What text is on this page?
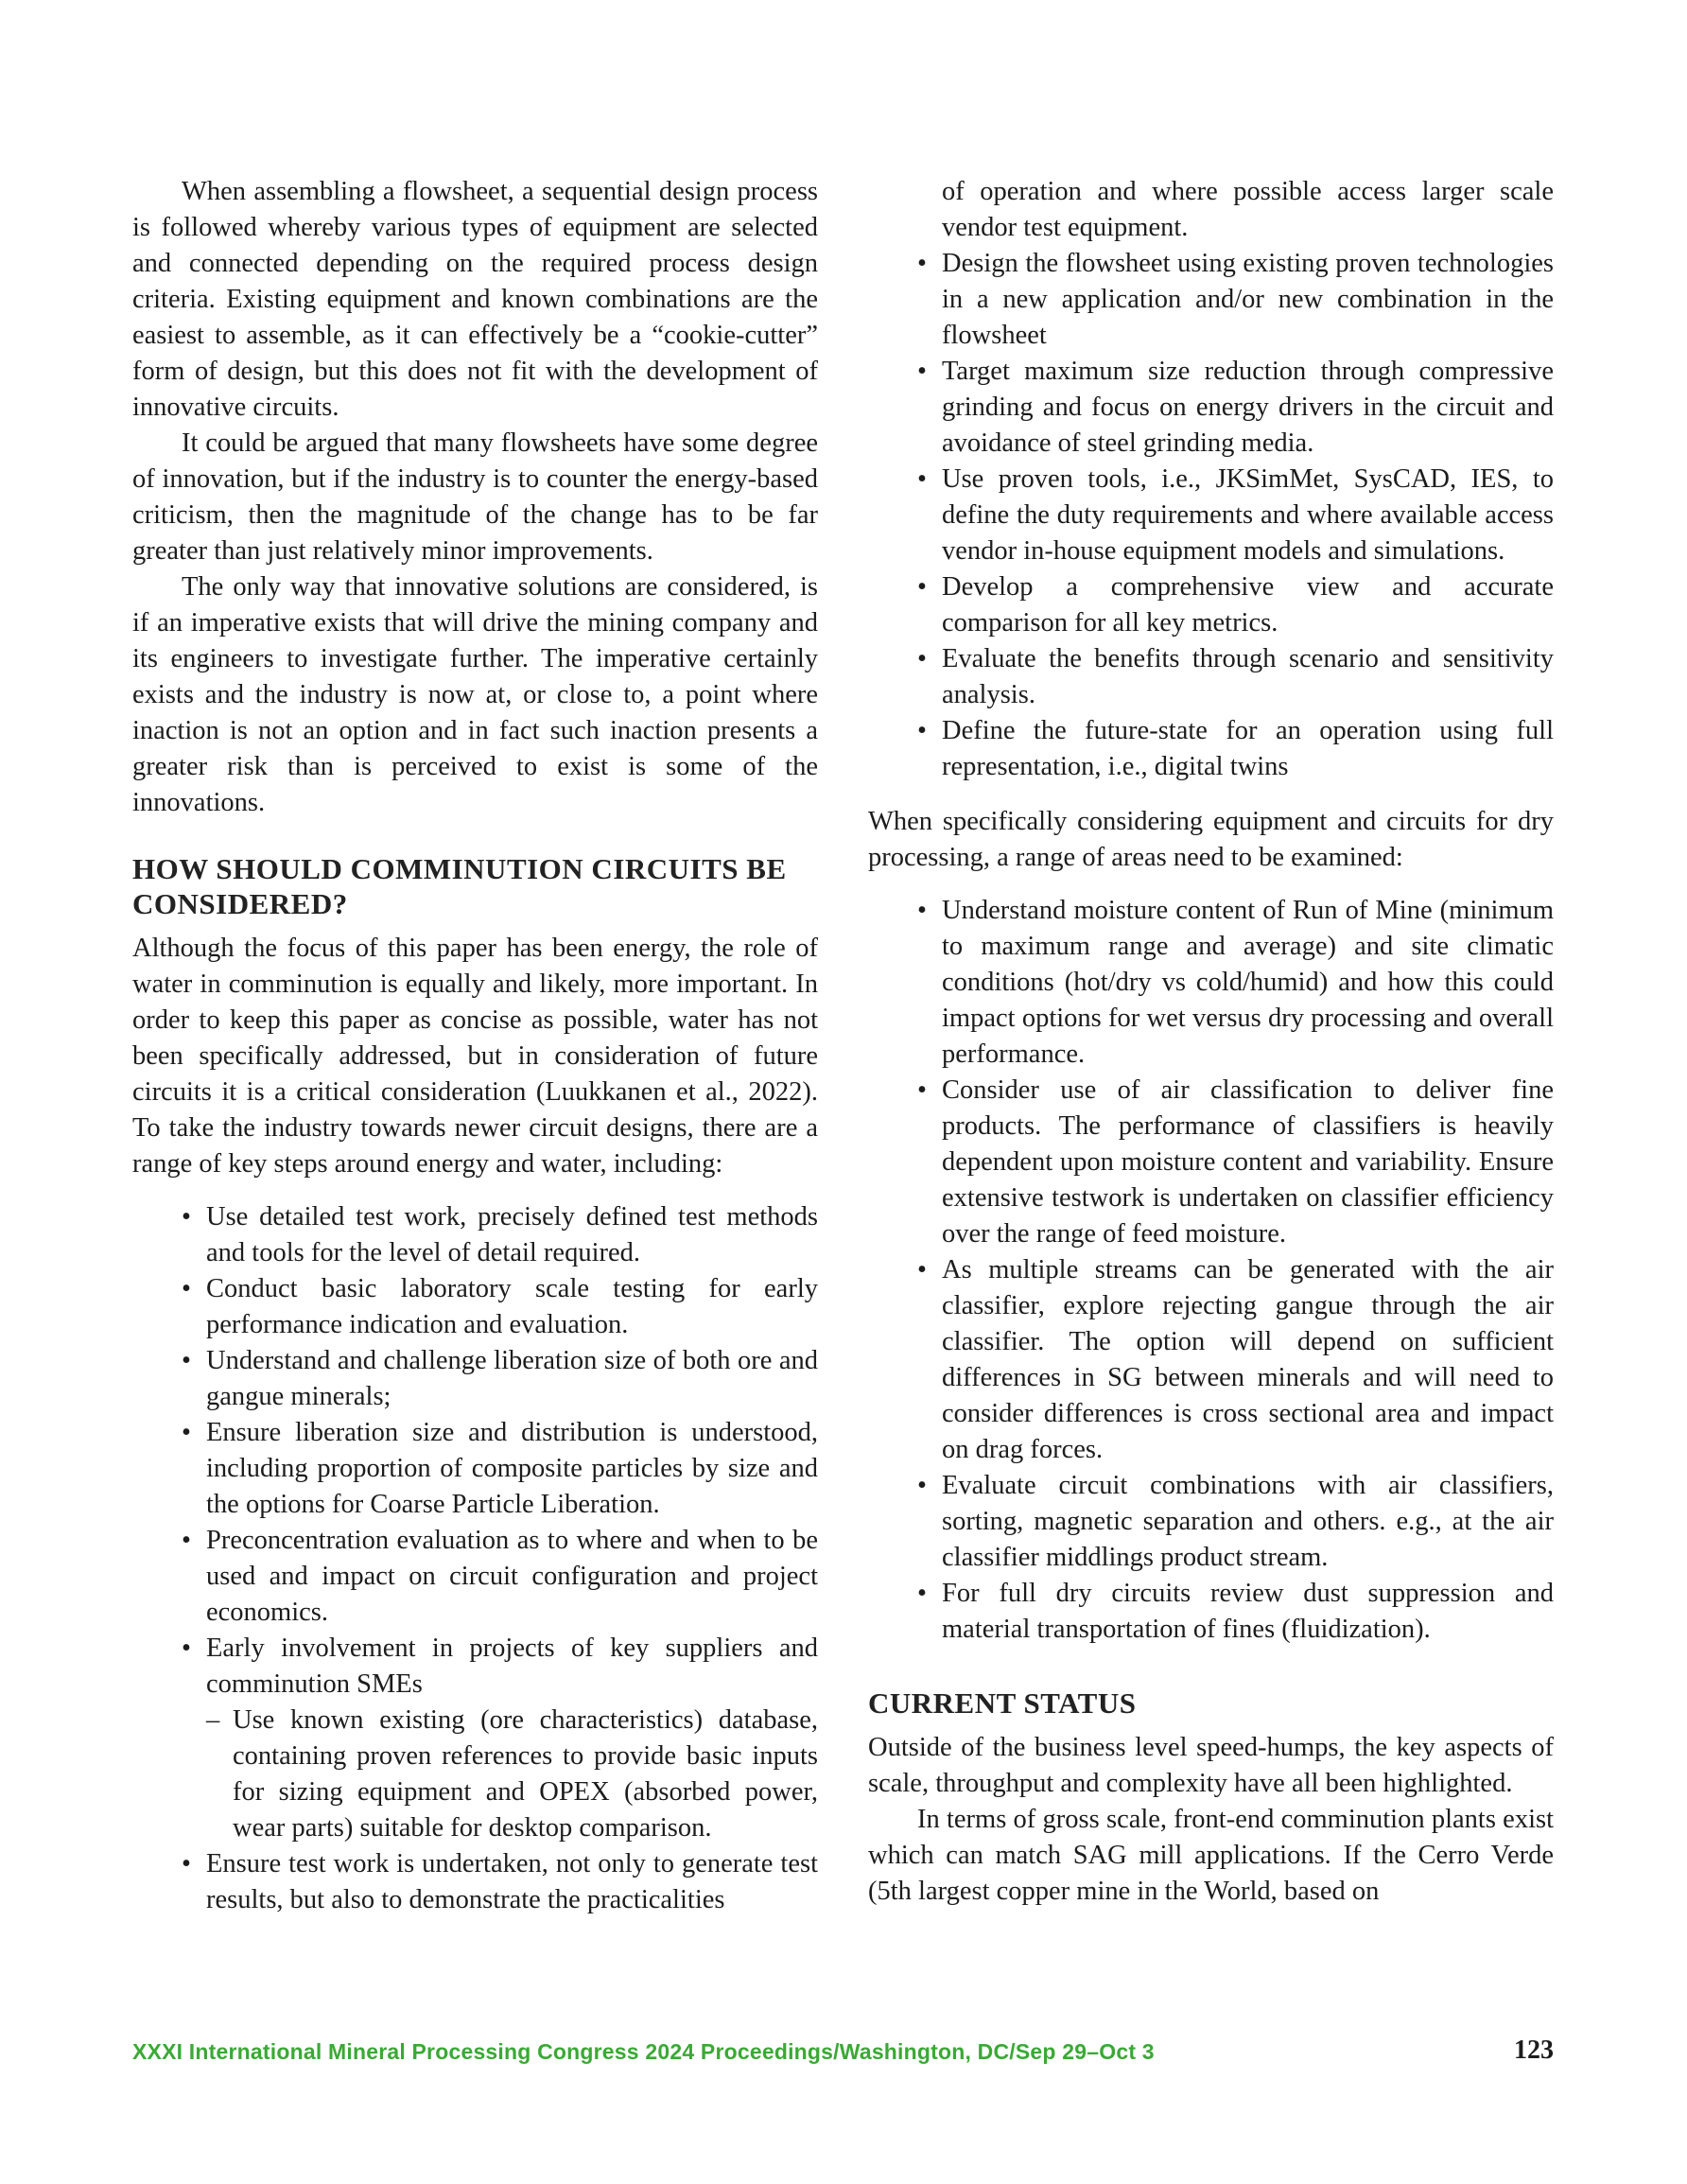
When assembling a flowsheet, a sequential design process is followed whereby various types of equipment are selected and connected depending on the required process design criteria. Existing equipment and known combinations are the easiest to assemble, as it can effectively be a “cookie-cutter” form of design, but this does not fit with the development of innovative circuits.

It could be argued that many flowsheets have some degree of innovation, but if the industry is to counter the energy-based criticism, then the magnitude of the change has to be far greater than just relatively minor improvements.

The only way that innovative solutions are considered, is if an imperative exists that will drive the mining company and its engineers to investigate further. The imperative certainly exists and the industry is now at, or close to, a point where inaction is not an option and in fact such inaction presents a greater risk than is perceived to exist is some of the innovations.

HOW SHOULD COMMINUTION CIRCUITS BE CONSIDERED?

Although the focus of this paper has been energy, the role of water in comminution is equally and likely, more important. In order to keep this paper as concise as possible, water has not been specifically addressed, but in consideration of future circuits it is a critical consideration (Luukkanen et al., 2022). To take the industry towards newer circuit designs, there are a range of key steps around energy and water, including:

• Use detailed test work, precisely defined test methods and tools for the level of detail required.
• Conduct basic laboratory scale testing for early performance indication and evaluation.
• Understand and challenge liberation size of both ore and gangue minerals;
• Ensure liberation size and distribution is understood, including proportion of composite particles by size and the options for Coarse Particle Liberation.
• Preconcentration evaluation as to where and when to be used and impact on circuit configuration and project economics.
• Early involvement in projects of key suppliers and comminution SMEs
– Use known existing (ore characteristics) database, containing proven references to provide basic inputs for sizing equipment and OPEX (absorbed power, wear parts) suitable for desktop comparison.
• Ensure test work is undertaken, not only to generate test results, but also to demonstrate the practicalities

of operation and where possible access larger scale vendor test equipment.

• Design the flowsheet using existing proven technologies in a new application and/or new combination in the flowsheet
• Target maximum size reduction through compressive grinding and focus on energy drivers in the circuit and avoidance of steel grinding media.
• Use proven tools, i.e., JKSimMet, SysCAD, IES, to define the duty requirements and where available access vendor in-house equipment models and simulations.
• Develop a comprehensive view and accurate comparison for all key metrics.
• Evaluate the benefits through scenario and sensitivity analysis.
• Define the future-state for an operation using full representation, i.e., digital twins

When specifically considering equipment and circuits for dry processing, a range of areas need to be examined:

• Understand moisture content of Run of Mine (minimum to maximum range and average) and site climatic conditions (hot/dry vs cold/humid) and how this could impact options for wet versus dry processing and overall performance.
• Consider use of air classification to deliver fine products. The performance of classifiers is heavily dependent upon moisture content and variability. Ensure extensive testwork is undertaken on classifier efficiency over the range of feed moisture.
• As multiple streams can be generated with the air classifier, explore rejecting gangue through the air classifier. The option will depend on sufficient differences in SG between minerals and will need to consider differences is cross sectional area and impact on drag forces.
• Evaluate circuit combinations with air classifiers, sorting, magnetic separation and others. e.g., at the air classifier middlings product stream.
• For full dry circuits review dust suppression and material transportation of fines (fluidization).
CURRENT STATUS

Outside of the business level speed-humps, the key aspects of scale, throughput and complexity have all been highlighted.

In terms of gross scale, front-end comminution plants exist which can match SAG mill applications. If the Cerro Verde (5th largest copper mine in the World, based on

XXXI International Mineral Processing Congress 2024 Proceedings/Washington, DC/Sep 29–Oct 3	123
